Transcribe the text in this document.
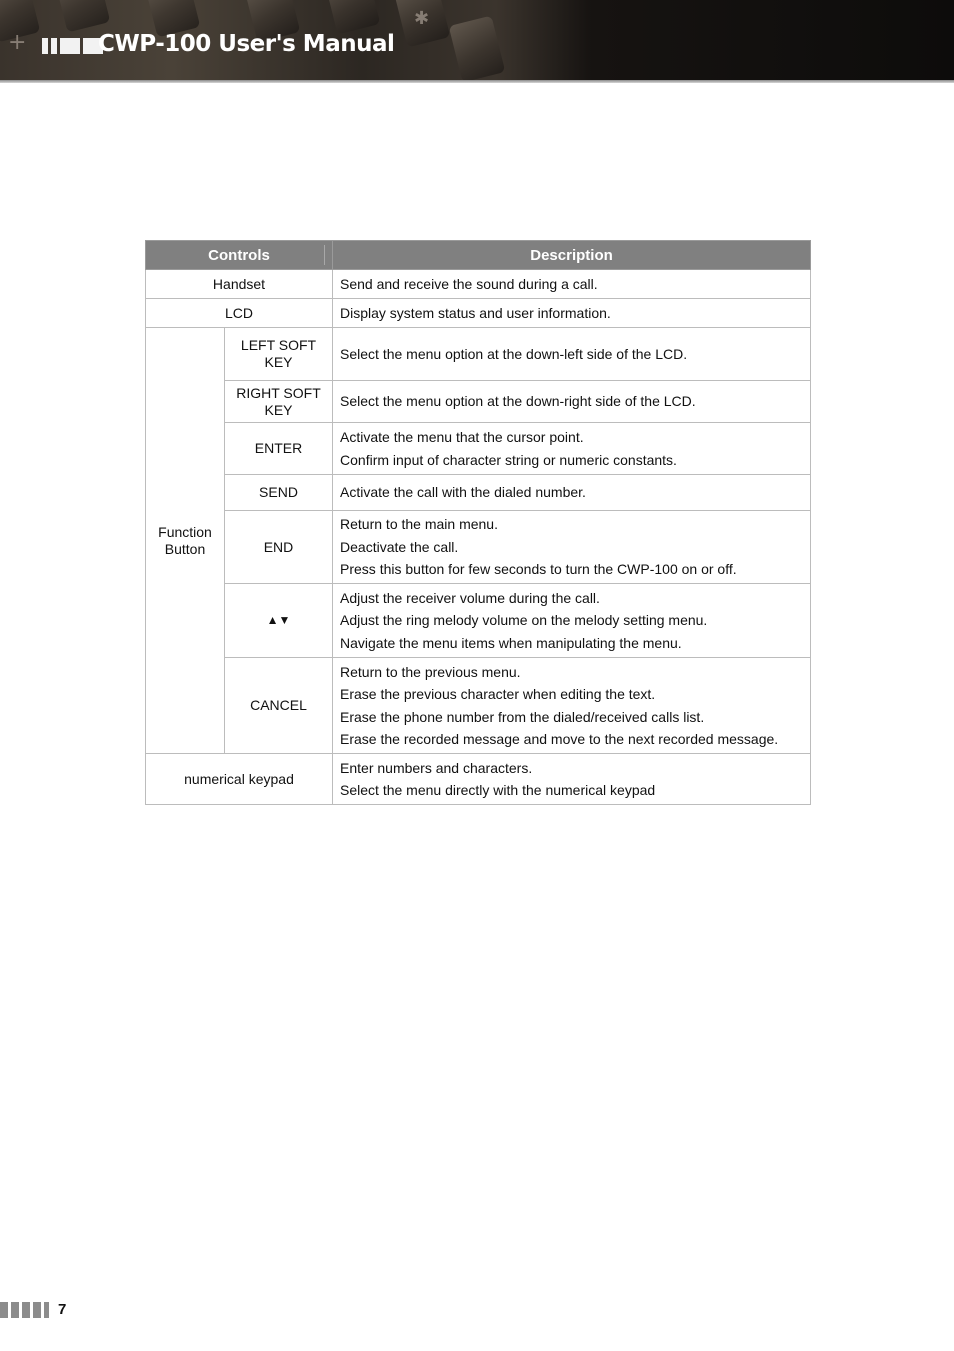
+
✱
CWP-100 User's Manual
Controls		Description
Handset		Send and receive the sound during a call.

LCD		Display system status and user information.

Function Button	LEFT SOFT KEY	Select the menu option at the down-left side of the LCD.

	RIGHT SOFT KEY	Select the menu option at the down-right side of the LCD.

	ENTER	Activate the menu that the cursor point.
Confirm input of character string or numeric constants.

	SEND	Activate the call with the dialed number.

	END	Return to the main menu.
Deactivate the call.
Press this button for few seconds to turn the CWP-100 on or off.

	▲▼	Adjust the receiver volume during the call.
Adjust the ring melody volume on the melody setting menu.
Navigate the menu items when manipulating the menu.

	CANCEL	Return to the previous menu.
Erase the previous character when editing the text.
Erase the phone number from the dialed/received calls list.
Erase the recorded message and move to the next recorded message.

numerical keypad		Enter numbers and characters.
Select the menu directly with the numerical keypad
7
